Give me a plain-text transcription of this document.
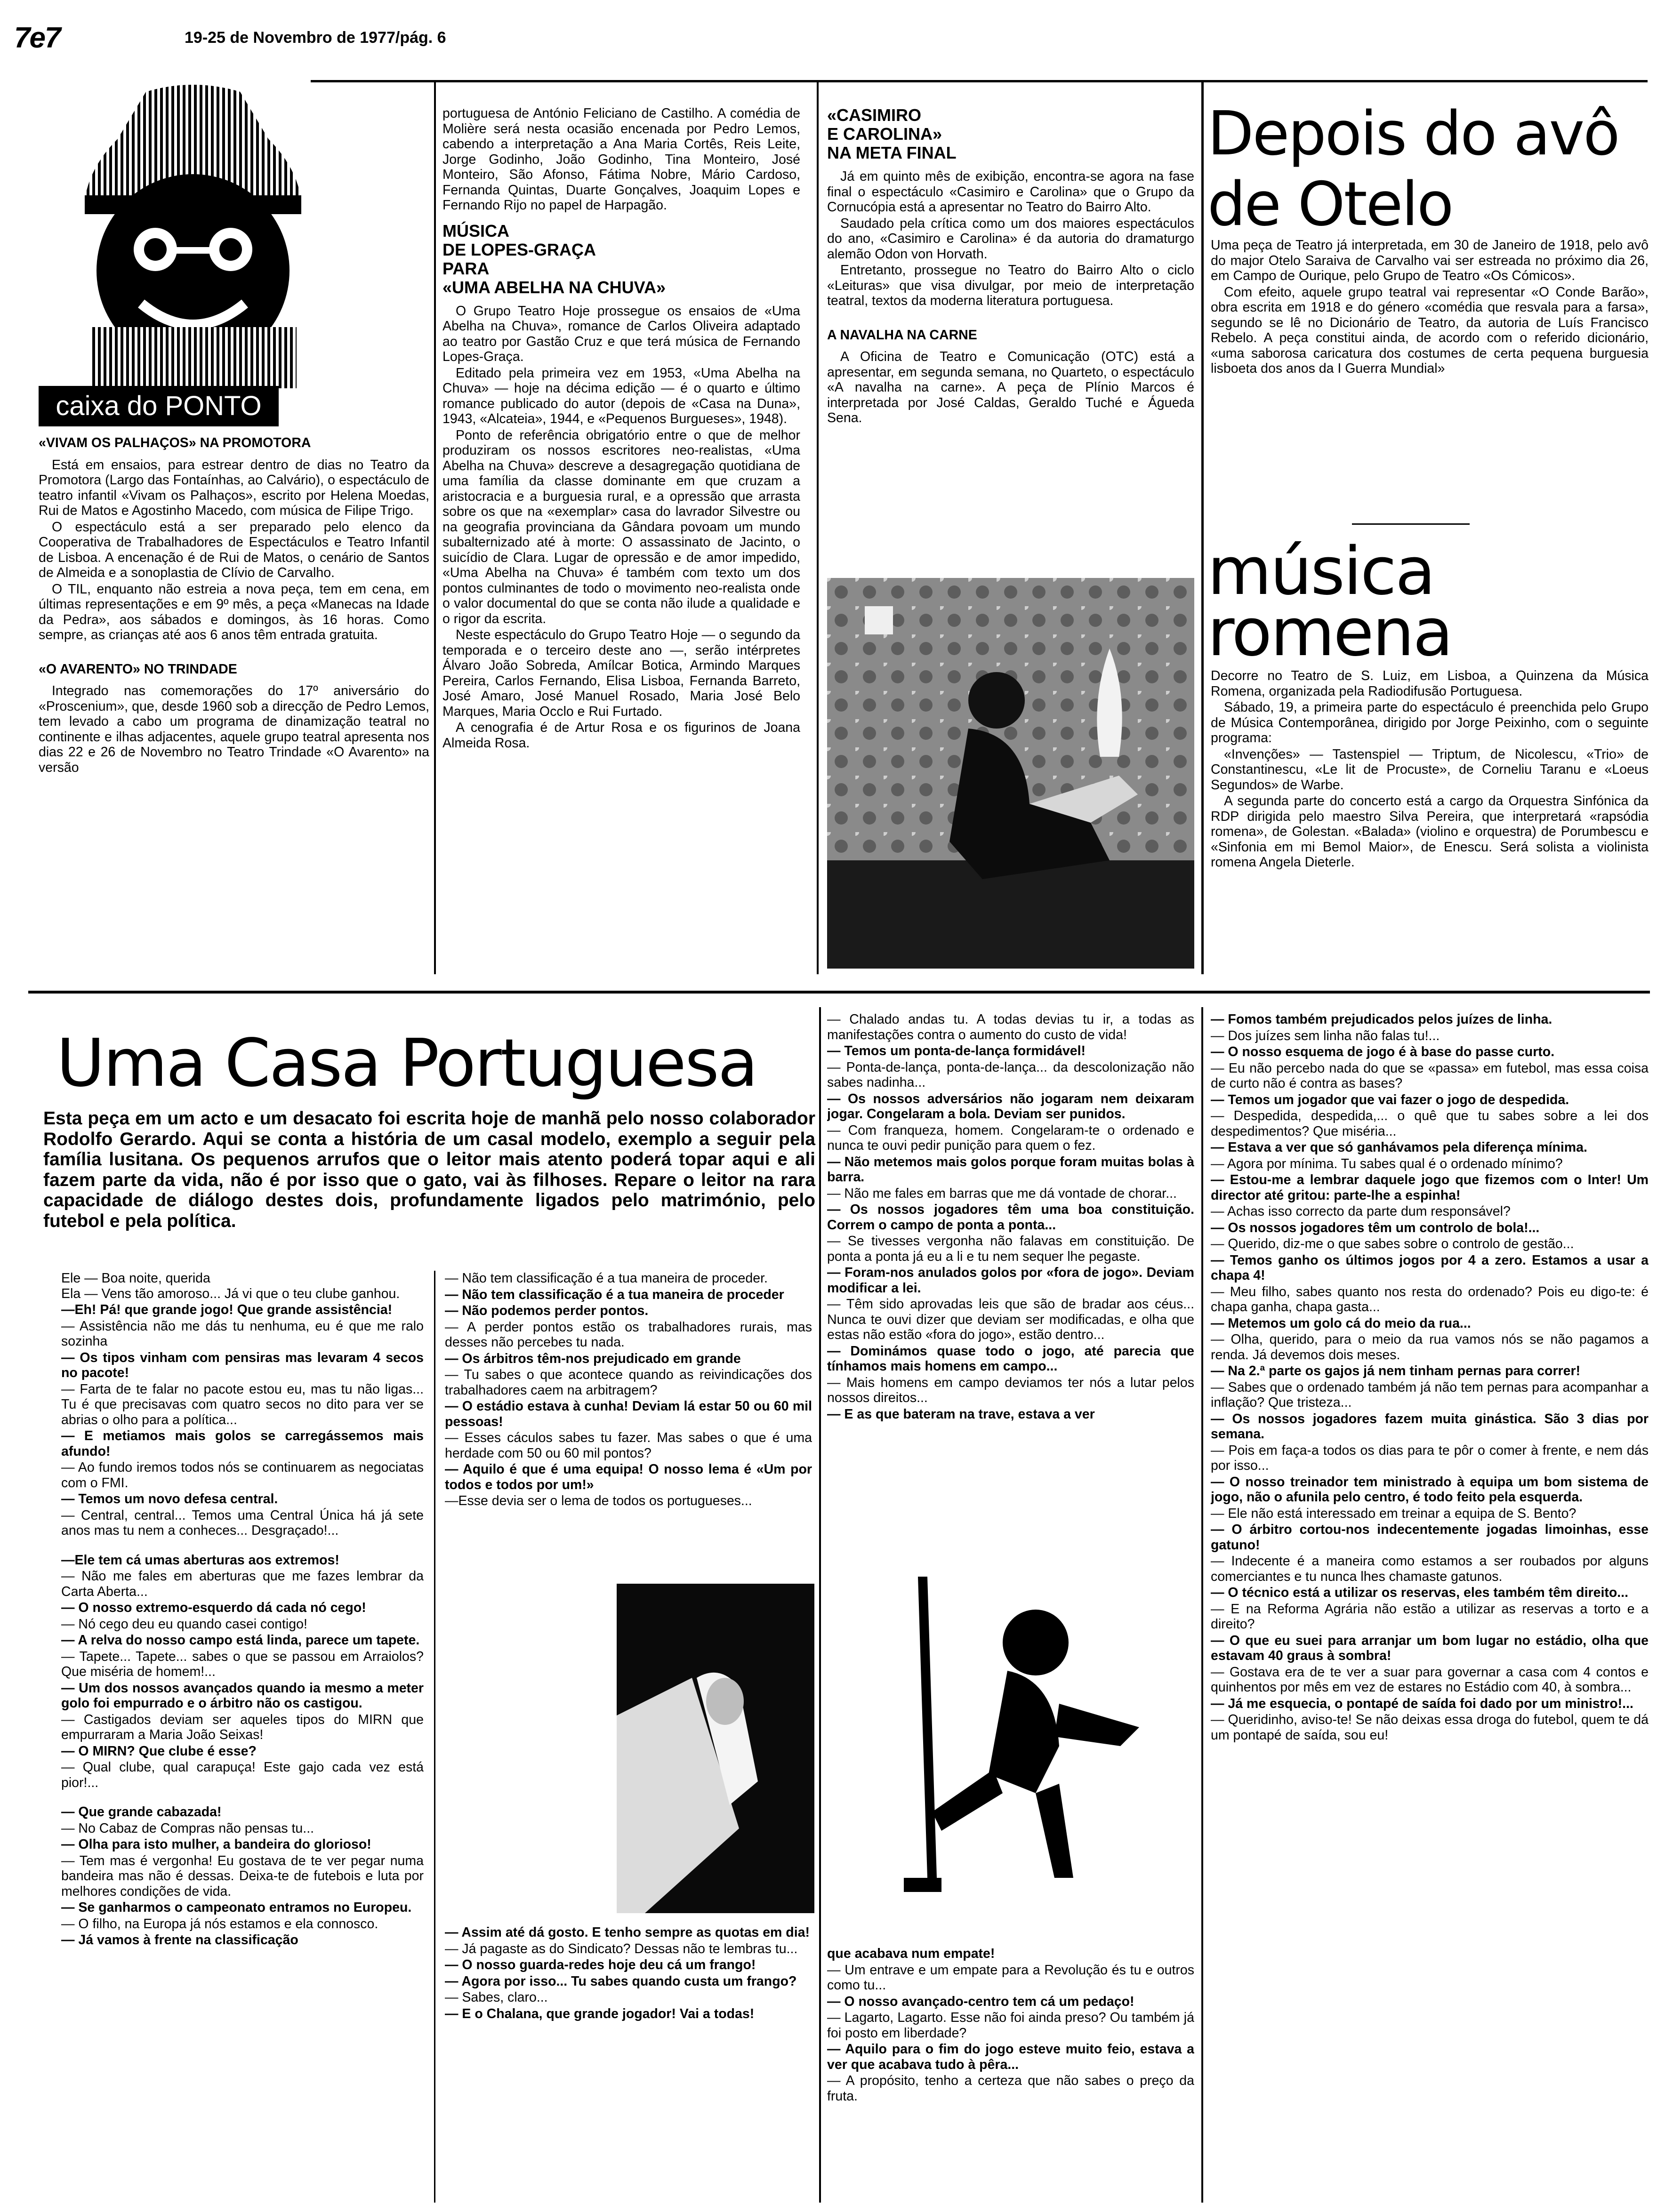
7e7	19-25 de Novembro de 1977/pág. 6
caixa do PONTO

«VIVAM OS PALHAÇOS» NA PROMOTORA

Está em ensaios, para estrear dentro de dias no Teatro da Promotora (Largo das Fontaínhas, ao Calvário), o espectáculo de teatro infantil «Vivam os Palhaços», escrito por Helena Moedas, Rui de Matos e Agostinho Macedo, com música de Filipe Trigo.

O espectáculo está a ser preparado pelo elenco da Cooperativa de Trabalhadores de Espectáculos e Teatro Infantil de Lisboa. A encenação é de Rui de Matos, o cenário de Santos de Almeida e a sonoplastia de Clívio de Carvalho.

O TIL, enquanto não estreia a nova peça, tem em cena, em últimas representações e em 9º mês, a peça «Manecas na Idade da Pedra», aos sábados e domingos, às 16 horas. Como sempre, as crianças até aos 6 anos têm entrada gratuita.

«O AVARENTO» NO TRINDADE

Integrado nas comemorações do 17º aniversário do «Proscenium», que, desde 1960 sob a direcção de Pedro Lemos, tem levado a cabo um programa de dinamização teatral no continente e ilhas adjacentes, aquele grupo teatral apresenta nos dias 22 e 26 de Novembro no Teatro Trindade «O Avarento» na versão

portuguesa de António Feliciano de Castilho. A comédia de Molière será nesta ocasião encenada por Pedro Lemos, cabendo a interpretação a Ana Maria Cortês, Reis Leite, Jorge Godinho, João Godinho, Tina Monteiro, José Monteiro, São Afonso, Fátima Nobre, Mário Cardoso, Fernanda Quintas, Duarte Gonçalves, Joaquim Lopes e Fernando Rijo no papel de Harpagão.

MÚSICA
DE LOPES-GRAÇA
PARA
«UMA ABELHA NA CHUVA»

O Grupo Teatro Hoje prossegue os ensaios de «Uma Abelha na Chuva», romance de Carlos Oliveira adaptado ao teatro por Gastão Cruz e que terá música de Fernando Lopes-Graça.

Editado pela primeira vez em 1953, «Uma Abelha na Chuva» — hoje na décima edição — é o quarto e último romance publicado do autor (depois de «Casa na Duna», 1943, «Alcateia», 1944, e «Pequenos Burgueses», 1948).

Ponto de referência obrigatório entre o que de melhor produziram os nossos escritores neo-realistas, «Uma Abelha na Chuva» descreve a desagregação quotidiana de uma família da classe dominante em que cruzam a aristocracia e a burguesia rural, e a opressão que arrasta sobre os que na «exemplar» casa do lavrador Silvestre ou na geografia provinciana da Gândara povoam um mundo subalternizado até à morte: O assassinato de Jacinto, o suicídio de Clara. Lugar de opressão e de amor impedido, «Uma Abelha na Chuva» é também com texto um dos pontos culminantes de todo o movimento neo-realista onde o valor documental do que se conta não ilude a qualidade e o rigor da escrita.

Neste espectáculo do Grupo Teatro Hoje — o segundo da temporada e o terceiro deste ano —, serão intérpretes Álvaro João Sobreda, Amílcar Botica, Armindo Marques Pereira, Carlos Fernando, Elisa Lisboa, Fernanda Barreto, José Amaro, José Manuel Rosado, Maria José Belo Marques, Maria Occlo e Rui Furtado.

A cenografia é de Artur Rosa e os figurinos de Joana Almeida Rosa.

«CASIMIRO
E CAROLINA»
NA META FINAL

Já em quinto mês de exibição, encontra-se agora na fase final o espectáculo «Casimiro e Carolina» que o Grupo da Cornucópia está a apresentar no Teatro do Bairro Alto.

Saudado pela crítica como um dos maiores espectáculos do ano, «Casimiro e Carolina» é da autoria do dramaturgo alemão Odon von Horvath.

Entretanto, prossegue no Teatro do Bairro Alto o ciclo «Leituras» que visa divulgar, por meio de interpretação teatral, textos da moderna literatura portuguesa.

A NAVALHA NA CARNE

A Oficina de Teatro e Comunicação (OTC) está a apresentar, em segunda semana, no Quarteto, o espectáculo «A navalha na carne». A peça de Plínio Marcos é interpretada por José Caldas, Geraldo Tuché e Águeda Sena.

Depois do avô de Otelo

Uma peça de Teatro já interpretada, em 30 de Janeiro de 1918, pelo avô do major Otelo Saraiva de Carvalho vai ser estreada no próximo dia 26, em Campo de Ourique, pelo Grupo de Teatro «Os Cómicos».

Com efeito, aquele grupo teatral vai representar «O Conde Barão», obra escrita em 1918 e do género «comédia que resvala para a farsa», segundo se lê no Dicionário de Teatro, da autoria de Luís Francisco Rebelo. A peça constitui ainda, de acordo com o referido dicionário, «uma saborosa caricatura dos costumes de certa pequena burguesia lisboeta dos anos da I Guerra Mundial»

música romena

Decorre no Teatro de S. Luiz, em Lisboa, a Quinzena da Música Romena, organizada pela Radiodifusão Portuguesa.

Sábado, 19, a primeira parte do espectáculo é preenchida pelo Grupo de Música Contemporânea, dirigido por Jorge Peixinho, com o seguinte programa:

«Invenções» — Tastenspiel — Triptum, de Nicolescu, «Trio» de Constantinescu, «Le lit de Procuste», de Corneliu Taranu e «Loeus Segundos» de Warbe.

A segunda parte do concerto está a cargo da Orquestra Sinfónica da RDP dirigida pelo maestro Silva Pereira, que interpretará «rapsódia romena», de Golestan. «Balada» (violino e orquestra) de Porumbescu e «Sinfonia em mi Bemol Maior», de Enescu. Será solista a violinista romena Angela Dieterle.

Uma Casa Portuguesa
Esta peça em um acto e um desacato foi escrita hoje de manhã pelo nosso colaborador Rodolfo Gerardo. Aqui se conta a história de um casal modelo, exemplo a seguir pela família lusitana. Os pequenos arrufos que o leitor mais atento poderá topar aqui e ali fazem parte da vida, não é por isso que o gato, vai às filhoses. Repare o leitor na rara capacidade de diálogo destes dois, profundamente ligados pelo matrimónio, pelo futebol e pela política.

Ele — Boa noite, querida
Ela — Vens tão amoroso... Já vi que o teu clube ganhou.

—Eh! Pá! que grande jogo! Que grande assistência!

— Assistência não me dás tu nenhuma, eu é que me ralo sozinha

— Os tipos vinham com pensiras mas levaram 4 secos no pacote!

— Farta de te falar no pacote estou eu, mas tu não ligas... Tu é que precisavas com quatro secos no dito para ver se abrias o olho para a política...

— E metiamos mais golos se carregássemos mais afundo!

— Ao fundo iremos todos nós se continuarem as negociatas com o FMI.

— Temos um novo defesa central.

— Central, central... Temos uma Central Única há já sete anos mas tu nem a conheces... Desgraçado!...

—Ele tem cá umas aberturas aos extremos!

— Não me fales em aberturas que me fazes lembrar da Carta Aberta...

— O nosso extremo-esquerdo dá cada nó cego!

— Nó cego deu eu quando casei contigo!

— A relva do nosso campo está linda, parece um tapete.

— Tapete... Tapete... sabes o que se passou em Arraiolos? Que miséria de homem!...

— Um dos nossos avançados quando ia mesmo a meter golo foi empurrado e o árbitro não os castigou.

— Castigados deviam ser aqueles tipos do MIRN que empurraram a Maria João Seixas!

— O MIRN? Que clube é esse?

— Qual clube, qual carapuça! Este gajo cada vez está pior!...

— Que grande cabazada!

— No Cabaz de Compras não pensas tu...

— Olha para isto mulher, a bandeira do glorioso!

— Tem mas é vergonha! Eu gostava de te ver pegar numa bandeira mas não é dessas. Deixa-te de futebois e luta por melhores condições de vida.

— Se ganharmos o campeonato entramos no Europeu.

— O filho, na Europa já nós estamos e ela connosco.

— Já vamos à frente na classificação

— Não tem classificação é a tua maneira de proceder.

— Não tem classificação é a tua maneira de proceder

— Não podemos perder pontos.

— A perder pontos estão os trabalhadores rurais, mas desses não percebes tu nada.

— Os árbitros têm-nos prejudicado em grande

— Tu sabes o que acontece quando as reivindicações dos trabalhadores caem na arbitragem?

— O estádio estava à cunha! Deviam lá estar 50 ou 60 mil pessoas!

— Esses cáculos sabes tu fazer. Mas sabes o que é uma herdade com 50 ou 60 mil pontos?

— Aquilo é que é uma equipa! O nosso lema é «Um por todos e todos por um!»

—Esse devia ser o lema de todos os portugueses...

— Assim até dá gosto. E tenho sempre as quotas em dia!

— Já pagaste as do Sindicato? Dessas não te lembras tu...

— O nosso guarda-redes hoje deu cá um frango!

— Agora por isso... Tu sabes quando custa um frango?

— Sabes, claro...

— E o Chalana, que grande jogador! Vai a todas!

— Chalado andas tu. A todas devias tu ir, a todas as manifestações contra o aumento do custo de vida!

— Temos um ponta-de-lança formidável!

— Ponta-de-lança, ponta-de-lança... da descolonização não sabes nadinha...

— Os nossos adversários não jogaram nem deixaram jogar. Congelaram a bola. Deviam ser punidos.

— Com franqueza, homem. Congelaram-te o ordenado e nunca te ouvi pedir punição para quem o fez.

— Não metemos mais golos porque foram muitas bolas à barra.

— Não me fales em barras que me dá vontade de chorar...

— Os nossos jogadores têm uma boa constituição. Correm o campo de ponta a ponta...

— Se tivesses vergonha não falavas em constituição. De ponta a ponta já eu a li e tu nem sequer lhe pegaste.

— Foram-nos anulados golos por «fora de jogo». Deviam modificar a lei.

— Têm sido aprovadas leis que são de bradar aos céus... Nunca te ouvi dizer que deviam ser modificadas, e olha que estas não estão «fora do jogo», estão dentro...

— Dominámos quase todo o jogo, até parecia que tínhamos mais homens em campo...

— Mais homens em campo deviamos ter nós a lutar pelos nossos direitos...

— E as que bateram na trave, estava a ver

que acabava num empate!

— Um entrave e um empate para a Revolução és tu e outros como tu...

— O nosso avançado-centro tem cá um pedaço!

— Lagarto, Lagarto. Esse não foi ainda preso? Ou também já foi posto em liberdade?

— Aquilo para o fim do jogo esteve muito feio, estava a ver que acabava tudo à pêra...

— A propósito, tenho a certeza que não sabes o preço da fruta.

— Fomos também prejudicados pelos juízes de linha.

— Dos juízes sem linha não falas tu!...

— O nosso esquema de jogo é à base do passe curto.

— Eu não percebo nada do que se «passa» em futebol, mas essa coisa de curto não é contra as bases?

— Temos um jogador que vai fazer o jogo de despedida.

— Despedida, despedida,... o quê que tu sabes sobre a lei dos despedimentos? Que miséria...

— Estava a ver que só ganhávamos pela diferença mínima.

— Agora por mínima. Tu sabes qual é o ordenado mínimo?

— Estou-me a lembrar daquele jogo que fizemos com o Inter! Um director até gritou: parte-lhe a espinha!

— Achas isso correcto da parte dum responsável?

— Os nossos jogadores têm um controlo de bola!...

— Querido, diz-me o que sabes sobre o controlo de gestão...

— Temos ganho os últimos jogos por 4 a zero. Estamos a usar a chapa 4!

— Meu filho, sabes quanto nos resta do ordenado? Pois eu digo-te: é chapa ganha, chapa gasta...

— Metemos um golo cá do meio da rua...

— Olha, querido, para o meio da rua vamos nós se não pagamos a renda. Já devemos dois meses.

— Na 2.ª parte os gajos já nem tinham pernas para correr!

— Sabes que o ordenado também já não tem pernas para acompanhar a inflação? Que tristeza...

— Os nossos jogadores fazem muita ginástica. São 3 dias por semana.

— Pois em faça-a todos os dias para te pôr o comer à frente, e nem dás por isso...

— O nosso treinador tem ministrado à equipa um bom sistema de jogo, não o afunila pelo centro, é todo feito pela esquerda.

— Ele não está interessado em treinar a equipa de S. Bento?

— O árbitro cortou-nos indecentemente jogadas limoinhas, esse gatuno!

— Indecente é a maneira como estamos a ser roubados por alguns comerciantes e tu nunca lhes chamaste gatunos.

— O técnico está a utilizar os reservas, eles também têm direito...

— E na Reforma Agrária não estão a utilizar as reservas a torto e a direito?

— O que eu suei para arranjar um bom lugar no estádio, olha que estavam 40 graus à sombra!

— Gostava era de te ver a suar para governar a casa com 4 contos e quinhentos por mês em vez de estares no Estádio com 40, à sombra...

— Já me esquecia, o pontapé de saída foi dado por um ministro!...

— Queridinho, aviso-te! Se não deixas essa droga do futebol, quem te dá um pontapé de saída, sou eu!
